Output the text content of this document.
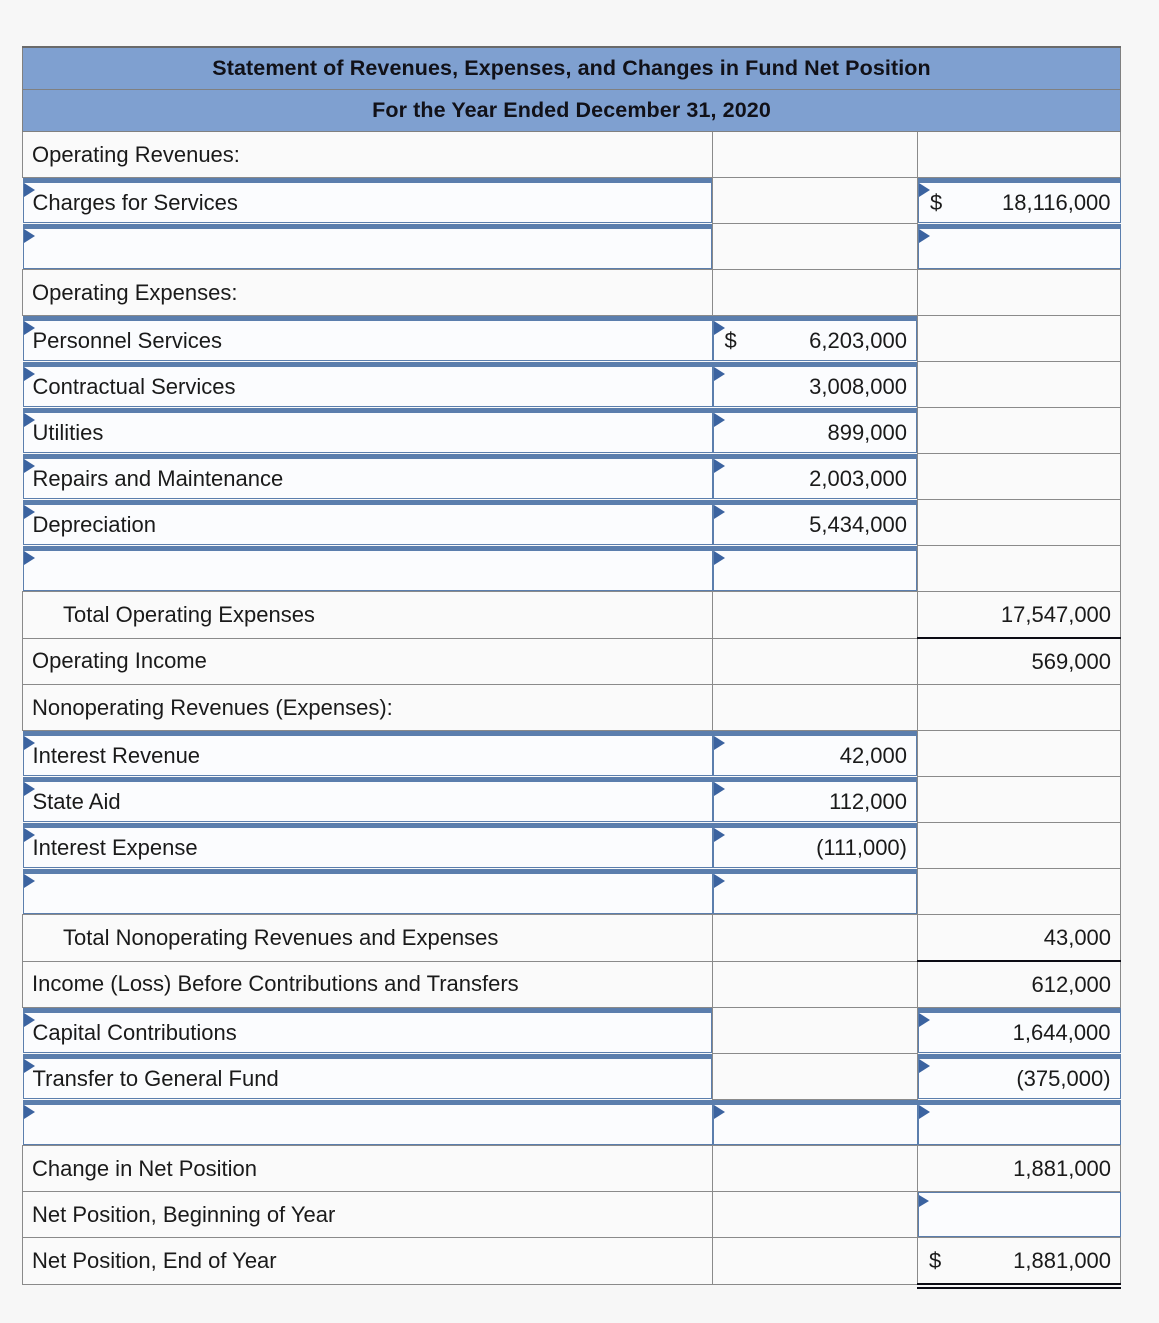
Statement of Revenues, Expenses, and Changes in Fund Net Position		
For the Year Ended December 31, 2020		

Operating Revenues:		

Charges for Services		$ 18,116,000

Operating Expenses:		

Personnel Services	$ 6,203,000	

Contractual Services	3,008,000	

Utilities	899,000	

Repairs and Maintenance	2,003,000	

Depreciation	5,434,000	

Total Operating Expenses		17,547,000

Operating Income		569,000

Nonoperating Revenues (Expenses):		

Interest Revenue	42,000	

State Aid	112,000	

Interest Expense	(111,000)	

Total Nonoperating Revenues and Expenses		43,000

Income (Loss) Before Contributions and Transfers		612,000

Capital Contributions		1,644,000

Transfer to General Fund		(375,000)

Change in Net Position		1,881,000

Net Position, Beginning of Year		

Net Position, End of Year		$ 1,881,000
